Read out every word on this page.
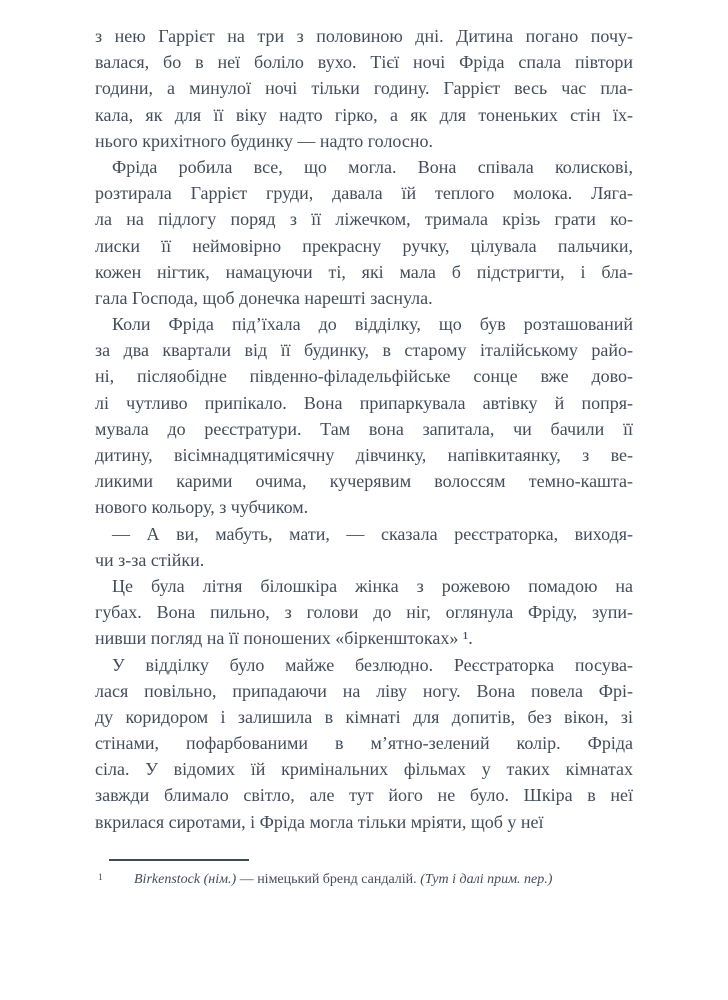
з нею Гаррієт на три з половиною дні. Дитина погано почу-
валася, бо в неї боліло вухо. Тієї ночі Фріда спала півтори
години, а минулої ночі тільки годину. Гаррієт весь час пла-
кала, як для її віку надто гірко, а як для тоненьких стін їх-
нього крихітного будинку — надто голосно.
Фріда робила все, що могла. Вона співала колискові,
розтирала Гаррієт груди, давала їй теплого молока. Ляга-
ла на підлогу поряд з її ліжечком, тримала крізь грати ко-
лиски її неймовірно прекрасну ручку, цілувала пальчики,
кожен нігтик, намацуючи ті, які мала б підстригти, і бла-
гала Господа, щоб донечка нарешті заснула.
Коли Фріда під’їхала до відділку, що був розташований
за два квартали від її будинку, в старому італійському райо-
ні, післяобідне південно-філадельфійське сонце вже дово-
лі чутливо припікало. Вона припаркувала автівку й попря-
мувала до реєстратури. Там вона запитала, чи бачили її
дитину, вісімнадцятимісячну дівчинку, напівкитаянку, з ве-
ликими карими очима, кучерявим волоссям темно-кашта-
нового кольору, з чубчиком.
— А ви, мабуть, мати, — сказала реєстраторка, виходя-
чи з-за стійки.
Це була літня білошкіра жінка з рожевою помадою на
губах. Вона пильно, з голови до ніг, оглянула Фріду, зупи-
нивши погляд на її поношених «біркенштоках» ¹.
У відділку було майже безлюдно. Реєстраторка посува-
лася повільно, припадаючи на ліву ногу. Вона повела Фрі-
ду коридором і залишила в кімнаті для допитів, без вікон, зі
стінами, пофарбованими в м’ятно-зелений колір. Фріда
сіла. У відомих їй кримінальних фільмах у таких кімнатах
завжди блимало світло, але тут його не було. Шкіра в неї
вкрилася сиротами, і Фріда могла тільки мріяти, щоб у неї
1 Birkenstock (нім.) — німецький бренд сандалій. (Тут і далі прим. пер.)
